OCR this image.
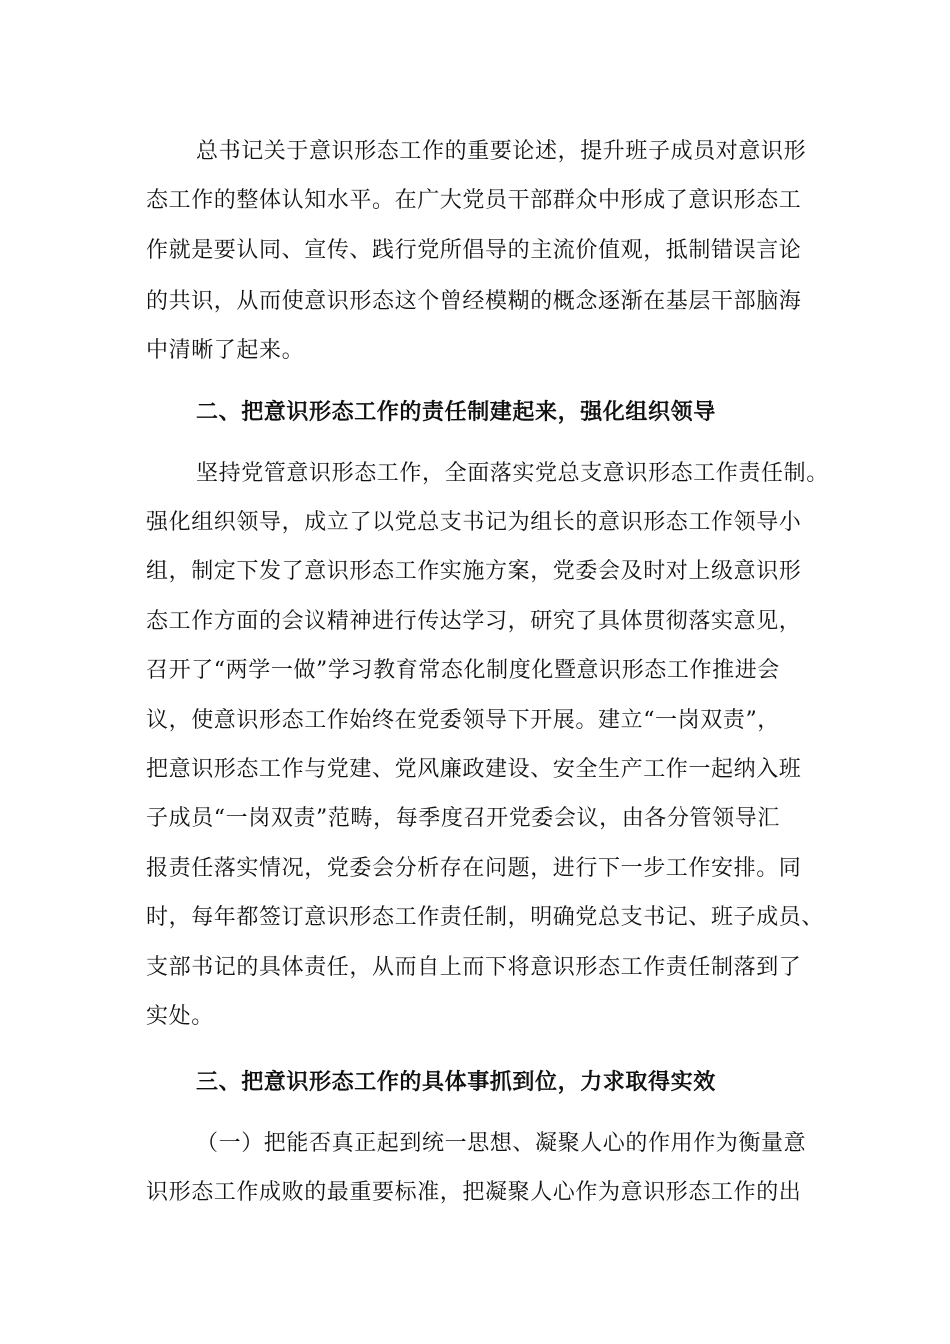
总书记关于意识形态工作的重要论述，提升班子成员对意识形
态工作的整体认知水平。在广大党员干部群众中形成了意识形态工
作就是要认同、宣传、践行党所倡导的主流价值观，抵制错误言论
的共识，从而使意识形态这个曾经模糊的概念逐渐在基层干部脑海
中清晰了起来。
二、把意识形态工作的责任制建起来，强化组织领导
坚持党管意识形态工作，全面落实党总支意识形态工作责任制。
强化组织领导，成立了以党总支书记为组长的意识形态工作领导小
组，制定下发了意识形态工作实施方案，党委会及时对上级意识形
态工作方面的会议精神进行传达学习，研究了具体贯彻落实意见，
召开了“两学一做”学习教育常态化制度化暨意识形态工作推进会
议，使意识形态工作始终在党委领导下开展。建立“一岗双责”，
把意识形态工作与党建、党风廉政建设、安全生产工作一起纳入班
子成员“一岗双责”范畴，每季度召开党委会议，由各分管领导汇
报责任落实情况，党委会分析存在问题，进行下一步工作安排。同
时，每年都签订意识形态工作责任制，明确党总支书记、班子成员、
支部书记的具体责任，从而自上而下将意识形态工作责任制落到了
实处。
三、把意识形态工作的具体事抓到位，力求取得实效
（一）把能否真正起到统一思想、凝聚人心的作用作为衡量意
识形态工作成败的最重要标准，把凝聚人心作为意识形态工作的出
